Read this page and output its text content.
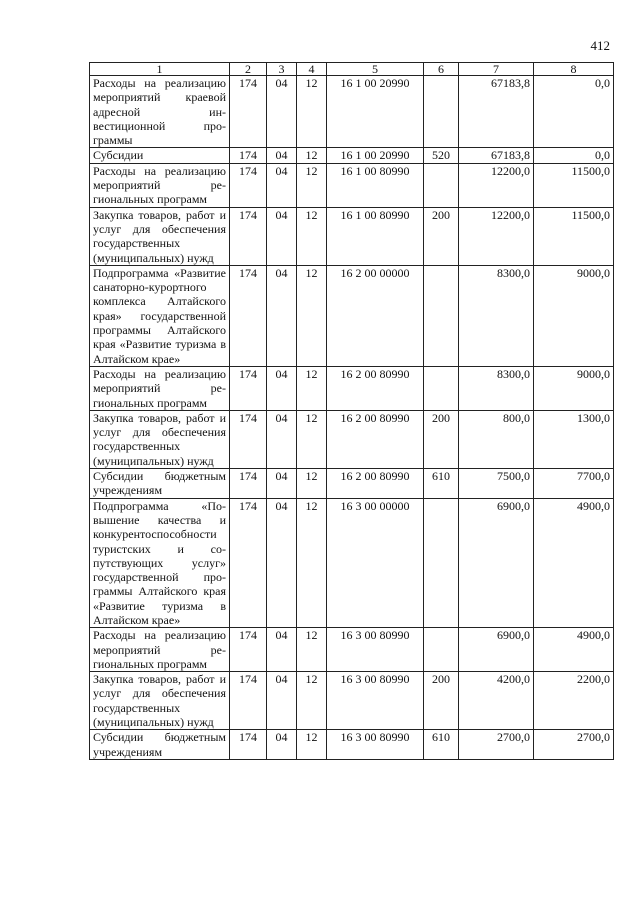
412
1	2	3	4	5	6	7	8
Расходы на реализацию мероприятий краевой адресной инвестиционной программы	174	04	12	16 1 00 20990		67183,8	0,0
Субсидии	174	04	12	16 1 00 20990	520	67183,8	0,0
Расходы на реализацию мероприятий региональных программ	174	04	12	16 1 00 80990		12200,0	11500,0
Закупка товаров, работ и услуг для обеспечения государственных (муниципальных) нужд	174	04	12	16 1 00 80990	200	12200,0	11500,0
Подпрограмма «Развитие санаторно-курортного комплекса Алтайского края» государственной программы Алтайского края «Развитие туризма в Алтайском крае»	174	04	12	16 2 00 00000		8300,0	9000,0
Расходы на реализацию мероприятий региональных программ	174	04	12	16 2 00 80990		8300,0	9000,0
Закупка товаров, работ и услуг для обеспечения государственных (муниципальных) нужд	174	04	12	16 2 00 80990	200	800,0	1300,0
Субсидии бюджетным учреждениям	174	04	12	16 2 00 80990	610	7500,0	7700,0
Подпрограмма «Повышение качества и конкурентоспособности туристских и сопутствующих услуг» государственной программы Алтайского края «Развитие туризма в Алтайском крае»	174	04	12	16 3 00 00000		6900,0	4900,0
Расходы на реализацию мероприятий региональных программ	174	04	12	16 3 00 80990		6900,0	4900,0
Закупка товаров, работ и услуг для обеспечения государственных (муниципальных) нужд	174	04	12	16 3 00 80990	200	4200,0	2200,0
Субсидии бюджетным учреждениям	174	04	12	16 3 00 80990	610	2700,0	2700,0
